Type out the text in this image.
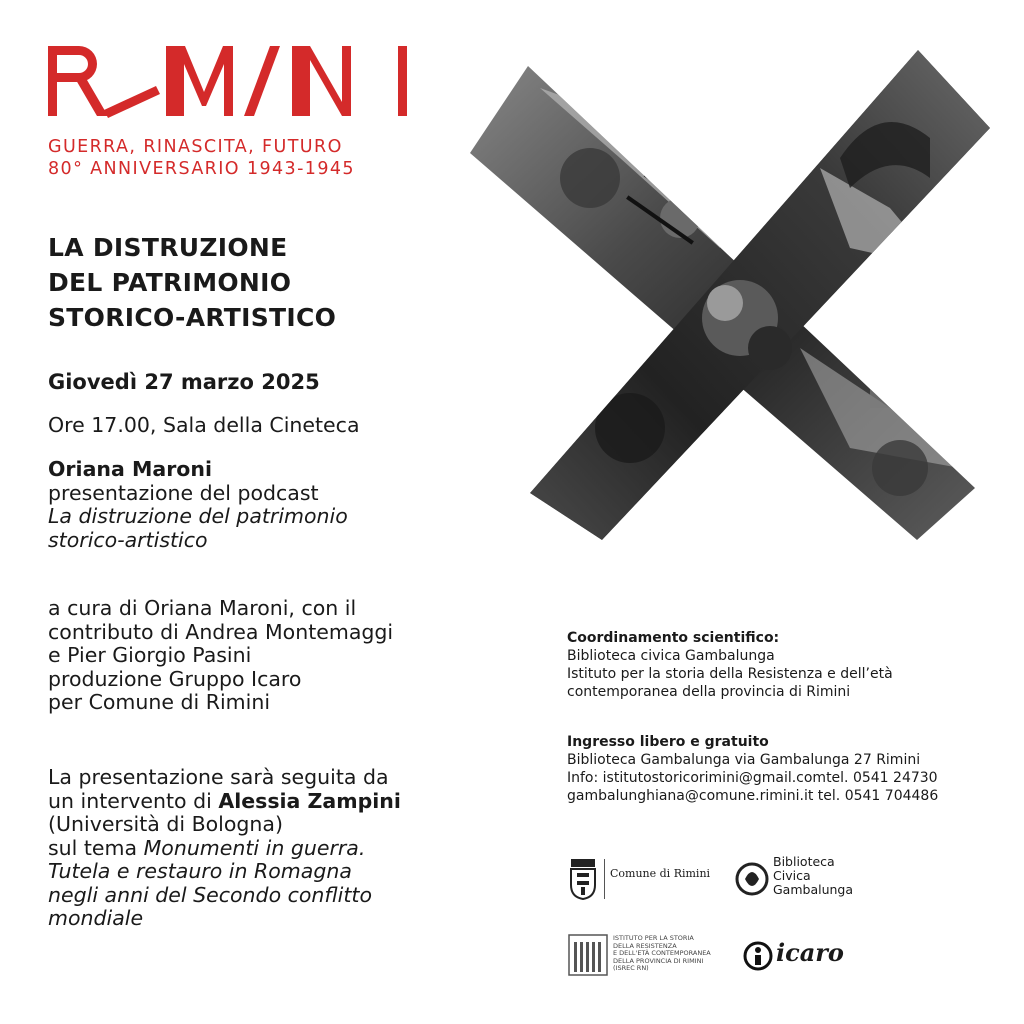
GUERRA, RINASCITA, FUTURO
80° ANNIVERSARIO 1943-1945
LA DISTRUZIONE
DEL PATRIMONIO
STORICO-ARTISTICO
Giovedì 27 marzo 2025
Ore 17.00, Sala della Cineteca
Oriana Maroni
presentazione del podcast
La distruzione del patrimonio
storico-artistico
a cura di Oriana Maroni, con il
contributo di Andrea Montemaggi
e Pier Giorgio Pasini
produzione Gruppo Icaro
per Comune di Rimini
La presentazione sarà seguita da
un intervento di Alessia Zampini
(Università di Bologna)
sul tema Monumenti in guerra.
Tutela e restauro in Romagna
negli anni del Secondo conflitto
mondiale
Coordinamento scientifico:
Biblioteca civica Gambalunga
Istituto per la storia della Resistenza e dell’età
contemporanea della provincia di Rimini
Ingresso libero e gratuito
Biblioteca Gambalunga via Gambalunga 27 Rimini
Info: istitutostoricorimini@gmail.comtel. 0541 24730
gambalunghiana@comune.rimini.it tel. 0541 704486
Comune di Rimini
Biblioteca
Civica
Gambalunga
ISTITUTO PER LA STORIA
DELLA RESISTENZA
E DELL'ETÀ CONTEMPORANEA
DELLA PROVINCIA DI RIMINI
(ISREC RN)
icaro
